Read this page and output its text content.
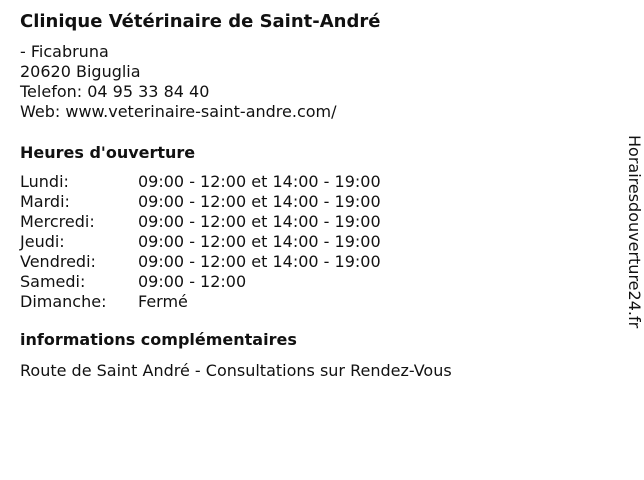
Clinique Vétérinaire de Saint-André
- Ficabruna
20620 Biguglia
Telefon: 04 95 33 84 40
Web: www.veterinaire-saint-andre.com/
Heures d'ouverture
Lundi:	09:00 - 12:00 et 14:00 - 19:00
Mardi:	09:00 - 12:00 et 14:00 - 19:00
Mercredi:	09:00 - 12:00 et 14:00 - 19:00
Jeudi:	09:00 - 12:00 et 14:00 - 19:00
Vendredi:	09:00 - 12:00 et 14:00 - 19:00
Samedi:	09:00 - 12:00
Dimanche:	Fermé
informations complémentaires
Route de Saint André - Consultations sur Rendez-Vous
Horairesdouverture24.fr
